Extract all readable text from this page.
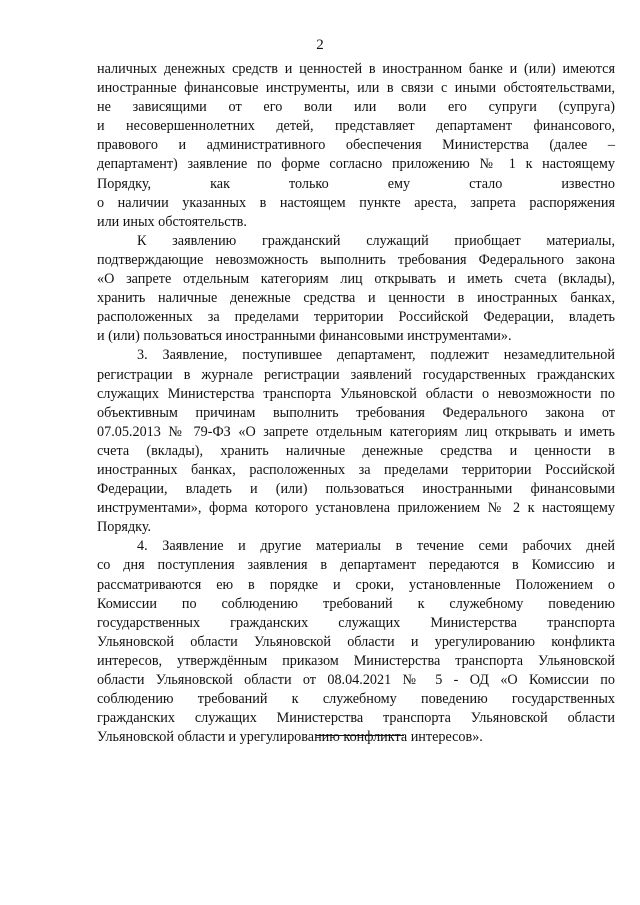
2

наличных денежных средств и ценностей в иностранном банке и (или) имеются

иностранные финансовые инструменты, или в связи с иными обстоятельствами,

не зависящими от его воли или воли его супруги (супруга)

и несовершеннолетних детей, представляет департамент финансового,

правового и административного обеспечения Министерства (далее –

департамент) заявление по форме согласно приложению № 1 к настоящему

Порядку, как только ему стало известно

о наличии указанных в настоящем пункте ареста, запрета распоряжения

или иных обстоятельств.

К заявлению гражданский служащий приобщает материалы,

подтверждающие невозможность выполнить требования Федерального закона

«О запрете отдельным категориям лиц открывать и иметь счета (вклады),

хранить наличные денежные средства и ценности в иностранных банках,

расположенных за пределами территории Российской Федерации, владеть

и (или) пользоваться иностранными финансовыми инструментами».

3. Заявление, поступившее департамент, подлежит незамедлительной

регистрации в журнале регистрации заявлений государственных гражданских

служащих Министерства транспорта Ульяновской области о невозможности по

объективным причинам выполнить требования Федерального закона от

07.05.2013 № 79-ФЗ «О запрете отдельным категориям лиц открывать и иметь

счета (вклады), хранить наличные денежные средства и ценности в

иностранных банках, расположенных за пределами территории Российской

Федерации, владеть и (или) пользоваться иностранными финансовыми

инструментами», форма которого установлена приложением № 2 к настоящему

Порядку.

4. Заявление и другие материалы в течение семи рабочих дней

со дня поступления заявления в департамент передаются в Комиссию и

рассматриваются ею в порядке и сроки, установленные Положением о

Комиссии по соблюдению требований к служебному поведению

государственных гражданских служащих Министерства транспорта

Ульяновской области Ульяновской области и урегулированию конфликта

интересов, утверждённым приказом Министерства транспорта Ульяновской

области Ульяновской области от 08.04.2021 № 5 - ОД «О Комиссии по

соблюдению требований к служебному поведению государственных

гражданских служащих Министерства транспорта Ульяновской области

Ульяновской области и урегулированию конфликта интересов».
